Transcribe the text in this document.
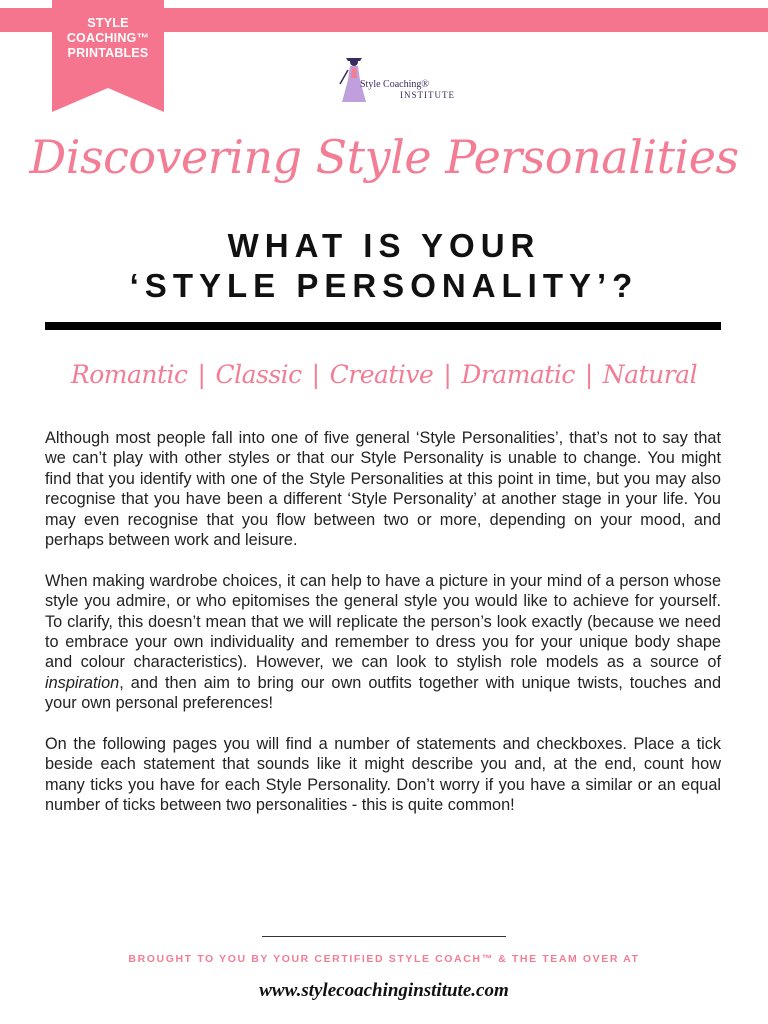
STYLE
COACHING™
PRINTABLES
Style Coaching®
INSTITUTE
Discovering Style Personalities
WHAT IS YOUR
‘STYLE PERSONALITY’?
Romantic | Classic | Creative | Dramatic | Natural

Although most people fall into one of five general ‘Style Personalities’, that’s not to say that we can’t play with other styles or that our Style Personality is unable to change. You might find that you identify with one of the Style Personalities at this point in time, but you may also recognise that you have been a different ‘Style Personality’ at another stage in your life. You may even recognise that you flow between two or more, depending on your mood, and perhaps between work and leisure.

When making wardrobe choices, it can help to have a picture in your mind of a person whose style you admire, or who epitomises the general style you would like to achieve for yourself. To clarify, this doesn’t mean that we will replicate the person’s look exactly (because we need to embrace your own individuality and remember to dress you for your unique body shape and colour characteristics). However, we can look to stylish role models as a source of inspiration, and then aim to bring our own outfits together with unique twists, touches and your own personal preferences!

On the following pages you will find a number of statements and checkboxes. Place a tick beside each statement that sounds like it might describe you and, at the end, count how many ticks you have for each Style Personality. Don’t worry if you have a similar or an equal number of ticks between two personalities - this is quite common!

BROUGHT TO YOU BY YOUR CERTIFIED STYLE COACH™ & THE TEAM OVER AT
www.stylecoachinginstitute.com
